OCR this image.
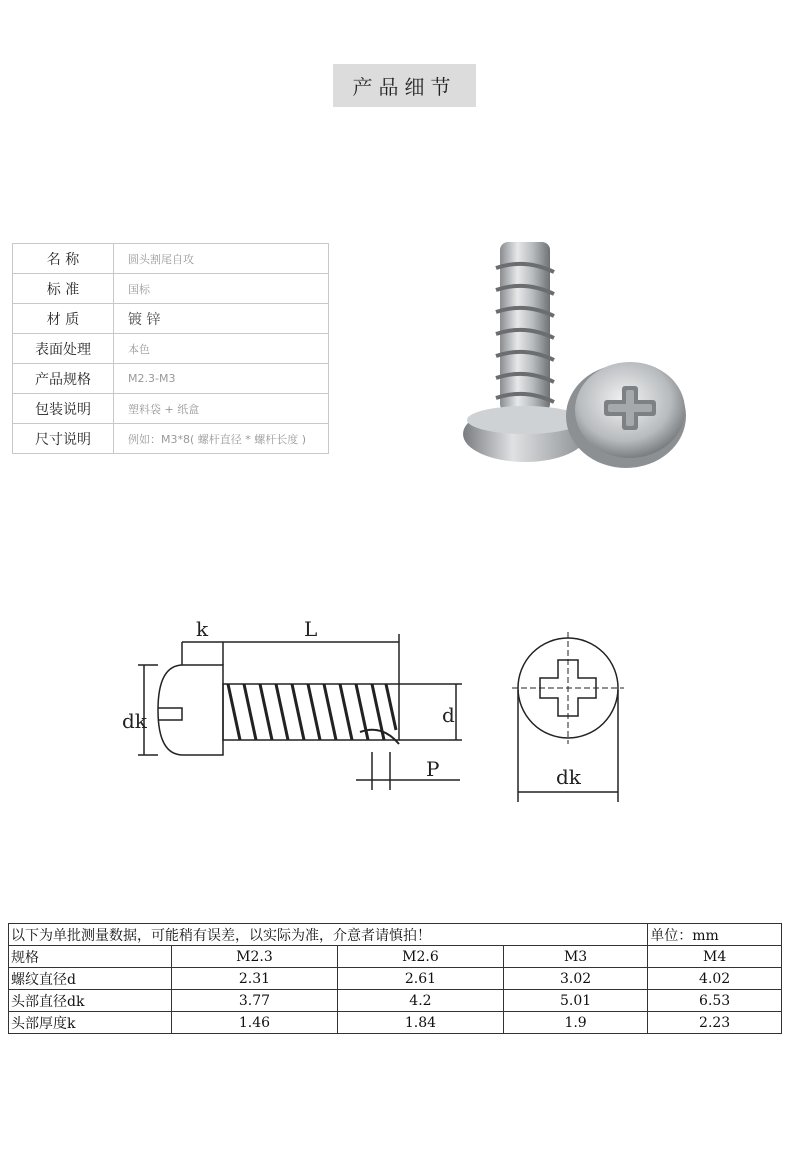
产品细节
名 称	圆头割尾自攻
标 准	国标
材 质	镀 锌
表面处理	本色
产品规格	M2.3-M3
包装说明	塑料袋 + 纸盒
尺寸说明	例如：M3*8( 螺杆直径 * 螺杆长度 )
k	L
dk	d
P	dk
以下为单批测量数据，可能稍有误差，以实际为准，介意者请慎拍！				单位：mm
规格	M2.3	M2.6	M3	M4
螺纹直径d	2.31	2.61	3.02	4.02
头部直径dk	3.77	4.2	5.01	6.53
头部厚度k	1.46	1.84	1.9	2.23
